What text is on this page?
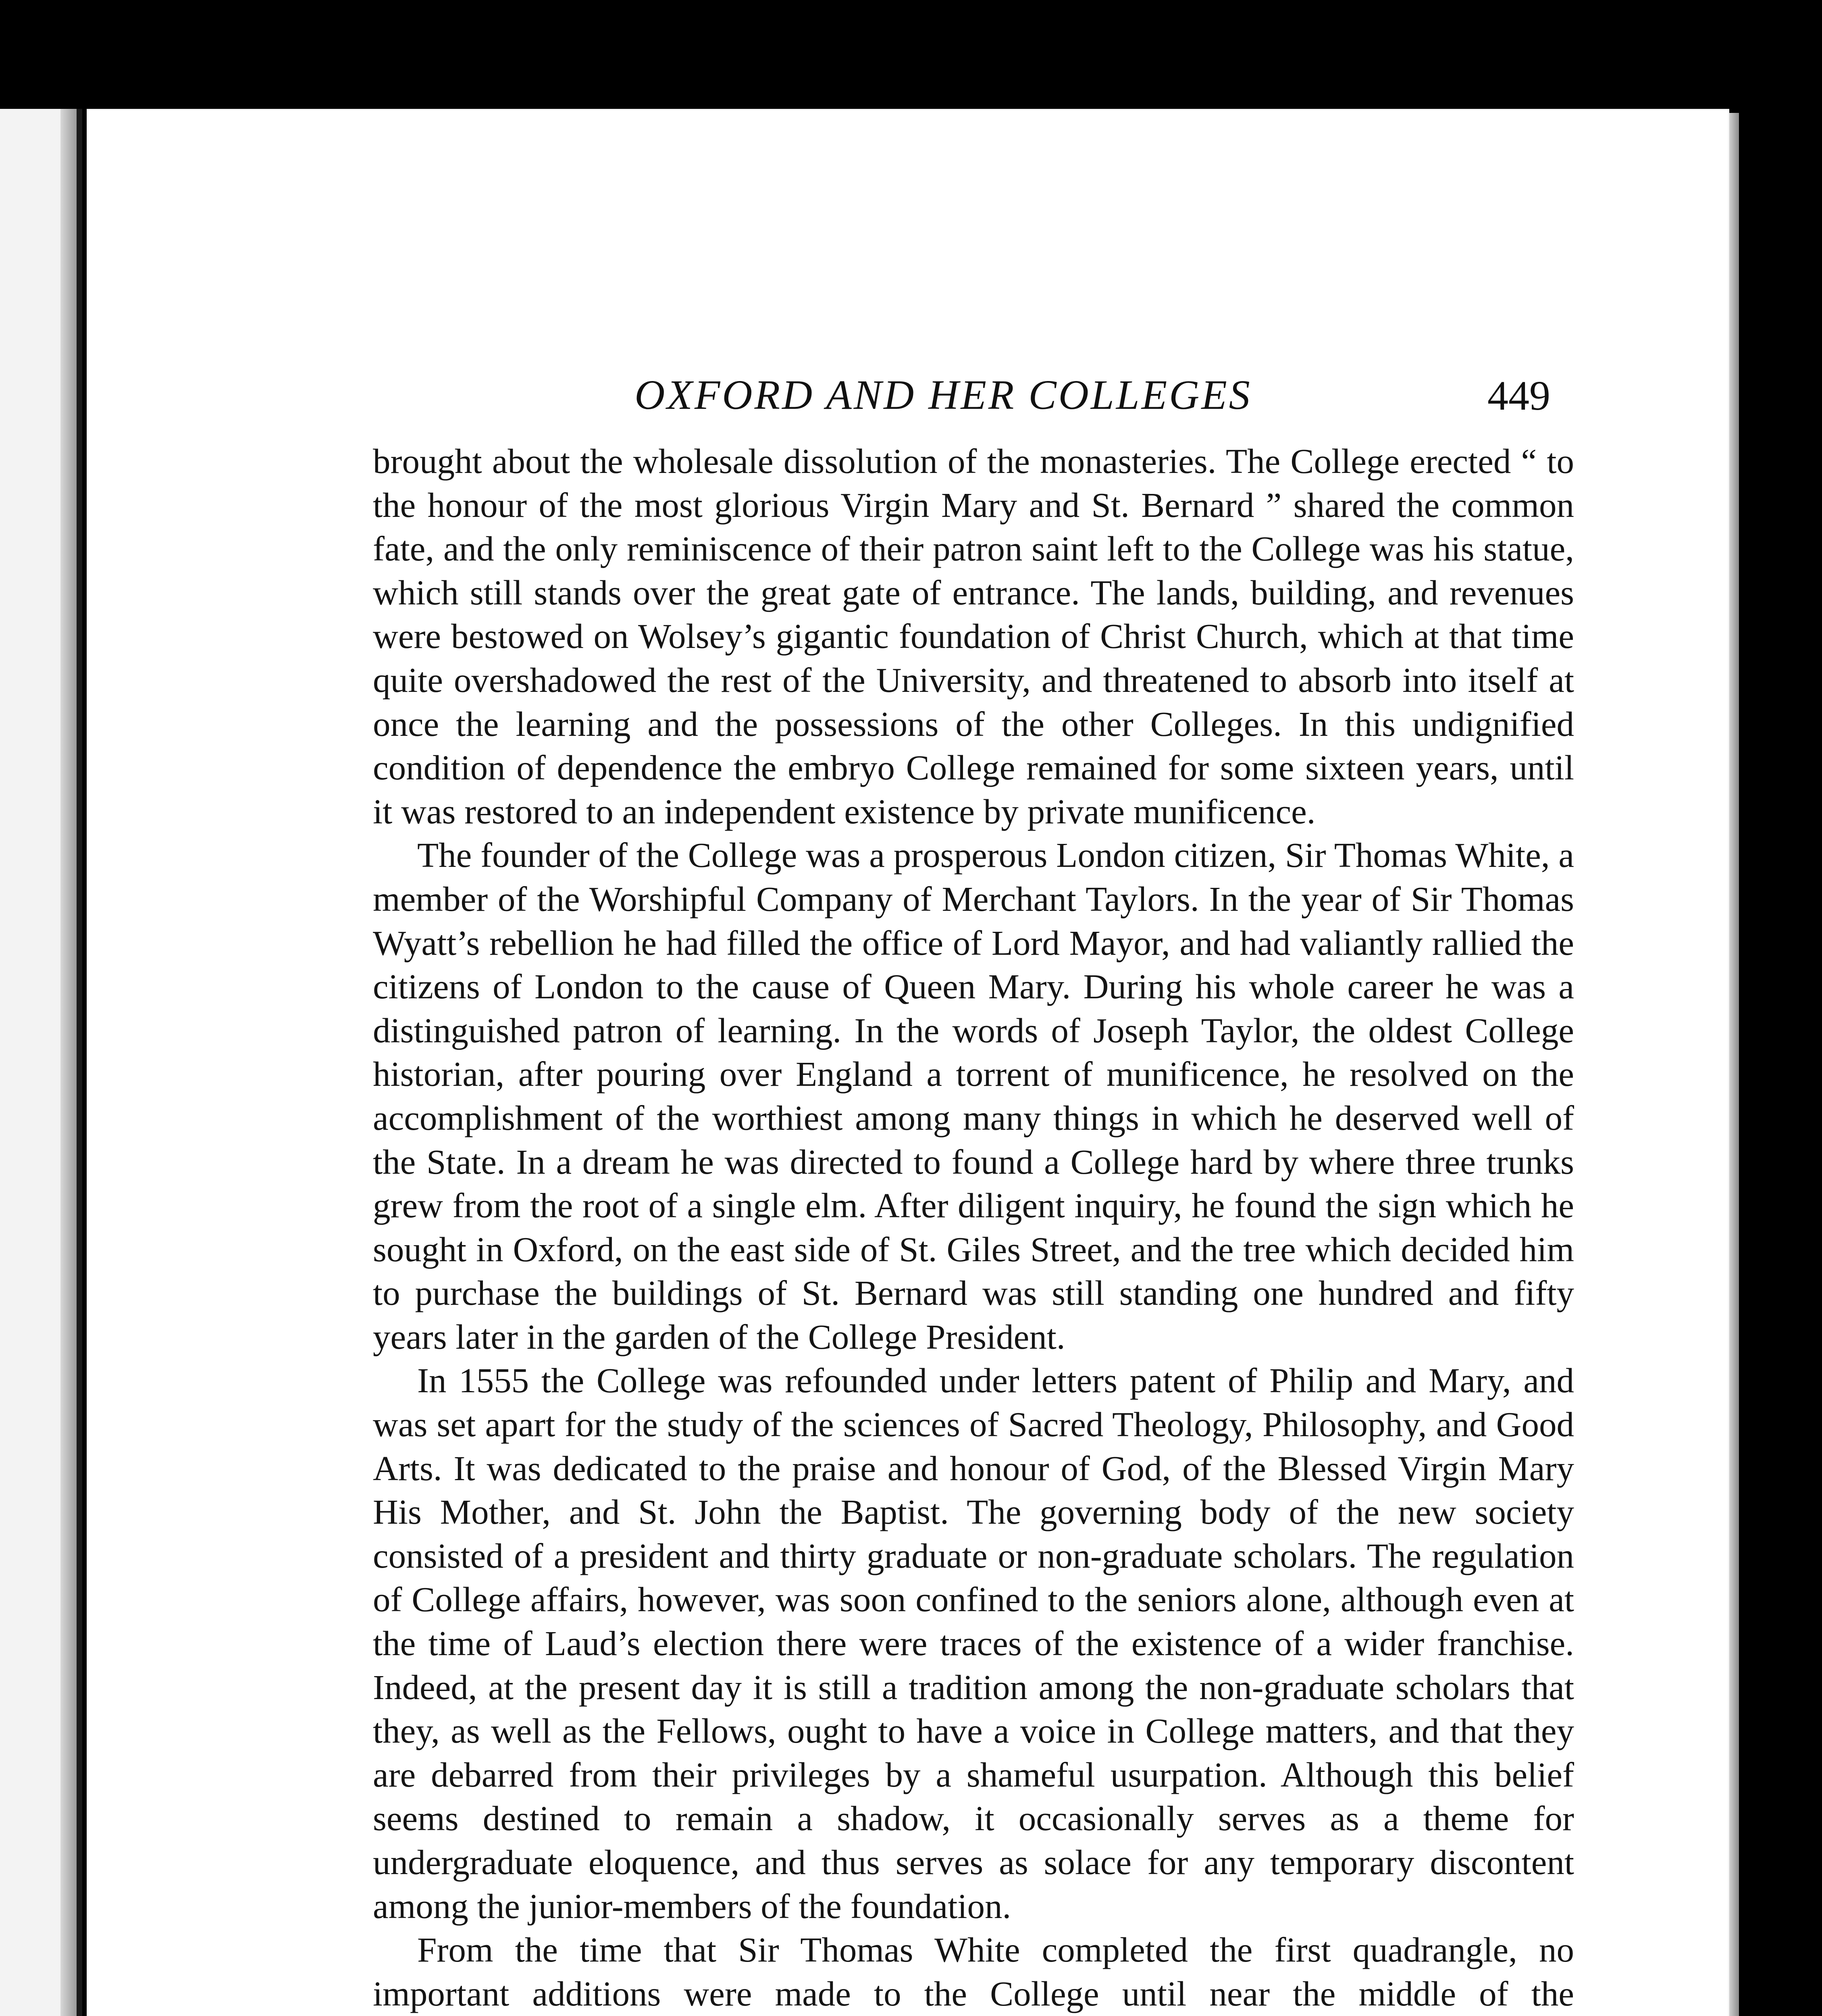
OXFORD AND HER COLLEGES	449

brought about the wholesale dissolution of the monasteries. The College erected “ to the honour of the most glorious Virgin Mary and St. Bernard ” shared the common fate, and the only reminiscence of their patron saint left to the College was his statue, which still stands over the great gate of entrance. The lands, building, and revenues were bestowed on Wolsey’s gigantic foundation of Christ Church, which at that time quite overshadowed the rest of the University, and threatened to absorb into itself at once the learning and the possessions of the other Colleges. In this undignified condition of dependence the embryo College remained for some sixteen years, until it was restored to an independent existence by private munificence.

The founder of the College was a prosperous London citizen, Sir Thomas White, a member of the Worshipful Company of Merchant Taylors. In the year of Sir Thomas Wyatt’s rebellion he had filled the office of Lord Mayor, and had valiantly rallied the citizens of London to the cause of Queen Mary. During his whole career he was a distinguished patron of learning. In the words of Joseph Taylor, the oldest College historian, after pouring over England a torrent of munificence, he resolved on the accomplishment of the worthiest among many things in which he deserved well of the State. In a dream he was directed to found a College hard by where three trunks grew from the root of a single elm. After diligent inquiry, he found the sign which he sought in Oxford, on the east side of St. Giles Street, and the tree which decided him to purchase the buildings of St. Bernard was still standing one hundred and fifty years later in the garden of the College President.

In 1555 the College was refounded under letters patent of Philip and Mary, and was set apart for the study of the sciences of Sacred Theology, Philosophy, and Good Arts. It was dedicated to the praise and honour of God, of the Blessed Virgin Mary His Mother, and St. John the Baptist. The governing body of the new society consisted of a president and thirty graduate or non-graduate scholars. The regulation of College affairs, however, was soon confined to the seniors alone, although even at the time of Laud’s election there were traces of the existence of a wider franchise. Indeed, at the present day it is still a tradition among the non-graduate scholars that they, as well as the Fellows, ought to have a voice in College matters, and that they are debarred from their privileges by a shameful usurpation. Although this belief seems destined to remain a shadow, it occasionally serves as a theme for undergraduate eloquence, and thus serves as solace for any temporary discontent among the junior-members of the foundation.

From the time that Sir Thomas White completed the first quadrangle, no important additions were made to the College until near the middle of the
